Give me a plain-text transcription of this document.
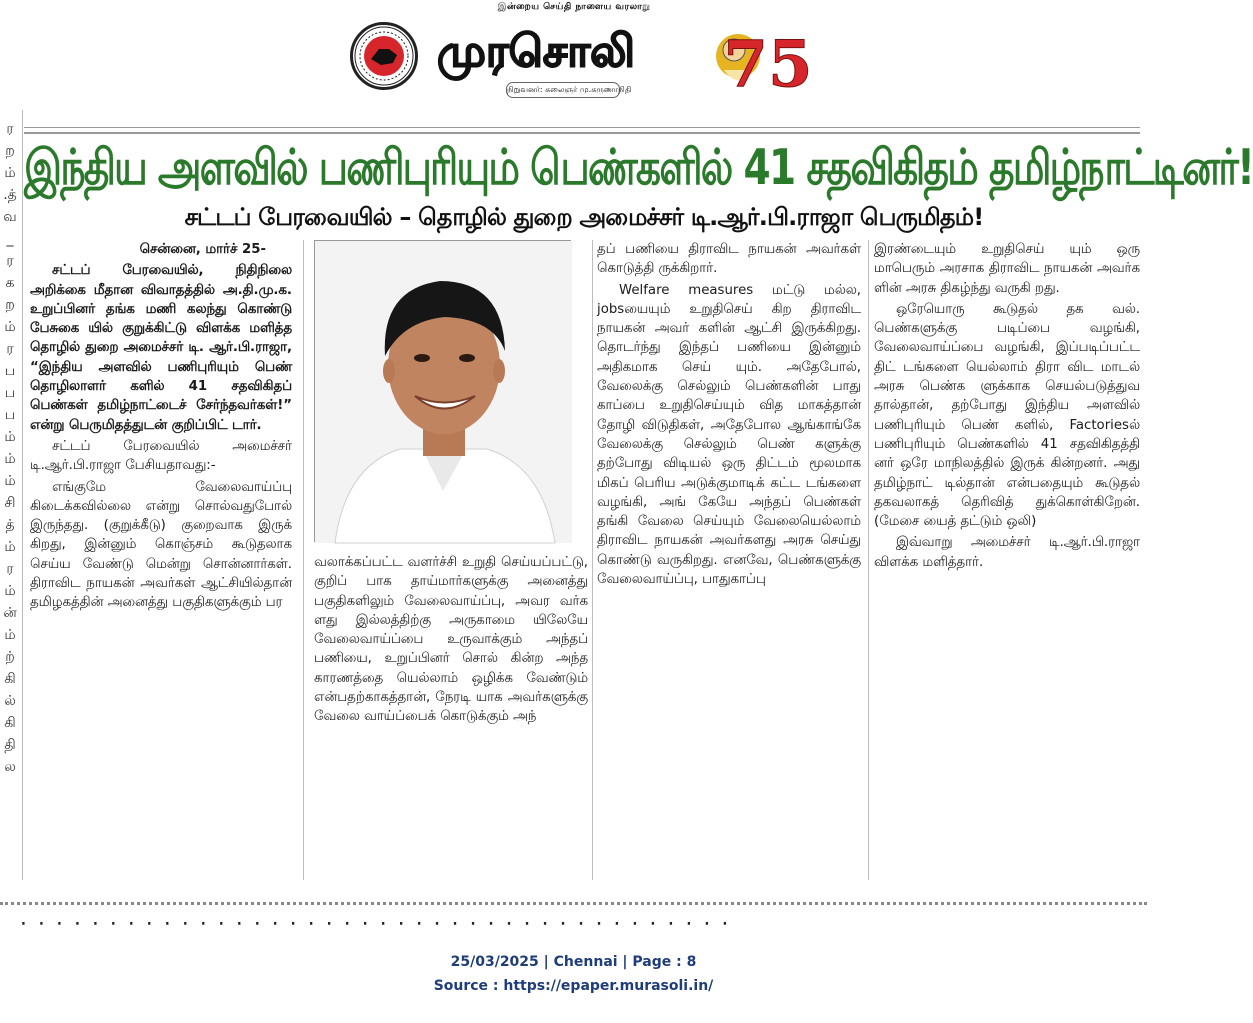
இன்றைய செய்தி நாளைய வரலாறு
முரசொலி
நிறுவனர்: கலைஞர் மு.கருணாநிதி 75
ர
ற
ம்
.த்
வ
_
ர
க
ற
ம்
ர
ப
ப
ப
ம்
ம்
ம்
சி
த்
ம்
ர
ம்
ன்
ம்
ற்
கி
ல்
கி
தி
ல
இந்திய அளவில் பணிபுரியும் பெண்களில் 41 சதவிகிதம் தமிழ்நாட்டினர்!
சட்டப் பேரவையில் – தொழில் துறை அமைச்சர் டி.ஆர்.பி.ராஜா பெருமிதம்!

சென்னை, மார்ச் 25-

சட்டப் பேரவையில், நிதிநிலை அறிக்கை மீதான விவாதத்தில் அ.தி.மு.க. உறுப்பினர் தங்க மணி கலந்து கொண்டு பேசுகை யில் குறுக்கிட்டு விளக்க மளித்த தொழில் துறை அமைச்சர் டி. ஆர்.பி.ராஜா, “இந்திய அளவில் பணிபுரியும் பெண் தொழிலாளர் களில் 41 சதவிகிதப் பெண்கள் தமிழ்நாட்டைச் சேர்ந்தவர்கள்!” என்று பெருமிதத்துடன் குறிப்பிட் டார்.

சட்டப் பேரவையில் அமைச்சர் டி.ஆர்.பி.ராஜா பேசியதாவது:-

எங்குமே வேலைவாய்ப்பு கிடைக்கவில்லை என்று சொல்வதுபோல் இருந்தது. (குறுக்கீடு) குறைவாக இருக் கிறது, இன்னும் கொஞ்சம் கூடுதலாக செய்ய வேண்டு மென்று சொன்னார்கள். திராவிட நாயகன் அவர்கள் ஆட்சியில்தான் தமிழகத்தின் அனைத்து பகுதிகளுக்கும் பர

வலாக்கப்பட்ட வளர்ச்சி உறுதி செய்யப்பட்டு, குறிப் பாக தாய்மார்களுக்கு அனைத்து பகுதிகளிலும் வேலைவாய்ப்பு, அவர வர்க ளது இல்லத்திற்கு அருகாமை யிலேயே வேலைவாய்ப்பை உருவாக்கும் அந்தப் பணியை, உறுப்பினர் சொல் கின்ற அந்த காரணத்தை யெல்லாம் ஒழிக்க வேண்டும் என்பதற்காகத்தான், நேரடி யாக அவர்களுக்கு வேலை வாய்ப்பைக் கொடுக்கும் அந்

தப் பணியை திராவிட நாயகன் அவர்கள் கொடுத்தி ருக்கிறார்.

Welfare measures மட்டு மல்ல, jobsயையும் உறுதிசெய் கிற திராவிட நாயகன் அவர் களின் ஆட்சி இருக்கிறது. தொடர்ந்து இந்தப் பணியை இன்னும் அதிகமாக செய் யும். அதேபோல், வேலைக்கு செல்லும் பெண்களின் பாது காப்பை உறுதிசெய்யும் வித மாகத்தான் தோழி விடுதிகள், அதேபோல ஆங்காங்கே வேலைக்கு செல்லும் பெண் களுக்கு தற்போது விடியல் ஒரு திட்டம் மூலமாக மிகப் பெரிய அடுக்குமாடிக் கட்ட டங்களை வழங்கி, அங் கேயே அந்தப் பெண்கள் தங்கி வேலை செய்யும் வேலையெல்லாம் திராவிட நாயகன் அவர்களது அரசு செய்து கொண்டு வருகிறது. எனவே, பெண்களுக்கு வேலைவாய்ப்பு, பாதுகாப்பு

இரண்டையும் உறுதிசெய் யும் ஒரு மாபெரும் அரசாக திராவிட நாயகன் அவர்க ளின் அரசு திகழ்ந்து வருகி றது.

ஒரேயொரு கூடுதல் தக வல். பெண்களுக்கு படிப்பை வழங்கி, வேலைவாய்ப்பை வழங்கி, இப்படிப்பட்ட திட் டங்களை யெல்லாம் திரா விட மாடல் அரசு பெண்க ளுக்காக செயல்படுத்துவ தால்தான், தற்போது இந்திய அளவில் பணிபுரியும் பெண் களில், Factoriesல் பணிபுரியும் பெண்களில் 41 சதவிகிதத்தி னர் ஒரே மாநிலத்தில் இருக் கின்றனர். அது தமிழ்நாட் டில்தான் என்பதையும் கூடுதல் தகவலாகத் தெரிவித் துக்கொள்கிறேன். (மேசை யைத் தட்டும் ஒலி)

இவ்வாறு அமைச்சர் டி.ஆர்.பி.ராஜா விளக்க மளித்தார்.

⋅ ⋅ ⋅ ⋅ ⋅ ⋅ ⋅ ⋅ ⋅ ⋅ ⋅ ⋅ ⋅ ⋅ ⋅ ⋅ ⋅ ⋅ ⋅ ⋅ ⋅ ⋅ ⋅ ⋅ ⋅ ⋅ ⋅ ⋅ ⋅ ⋅ ⋅ ⋅ ⋅ ⋅ ⋅ ⋅ ⋅ ⋅ ⋅ ⋅
25/03/2025 | Chennai | Page : 8
Source : https://epaper.murasoli.in/
